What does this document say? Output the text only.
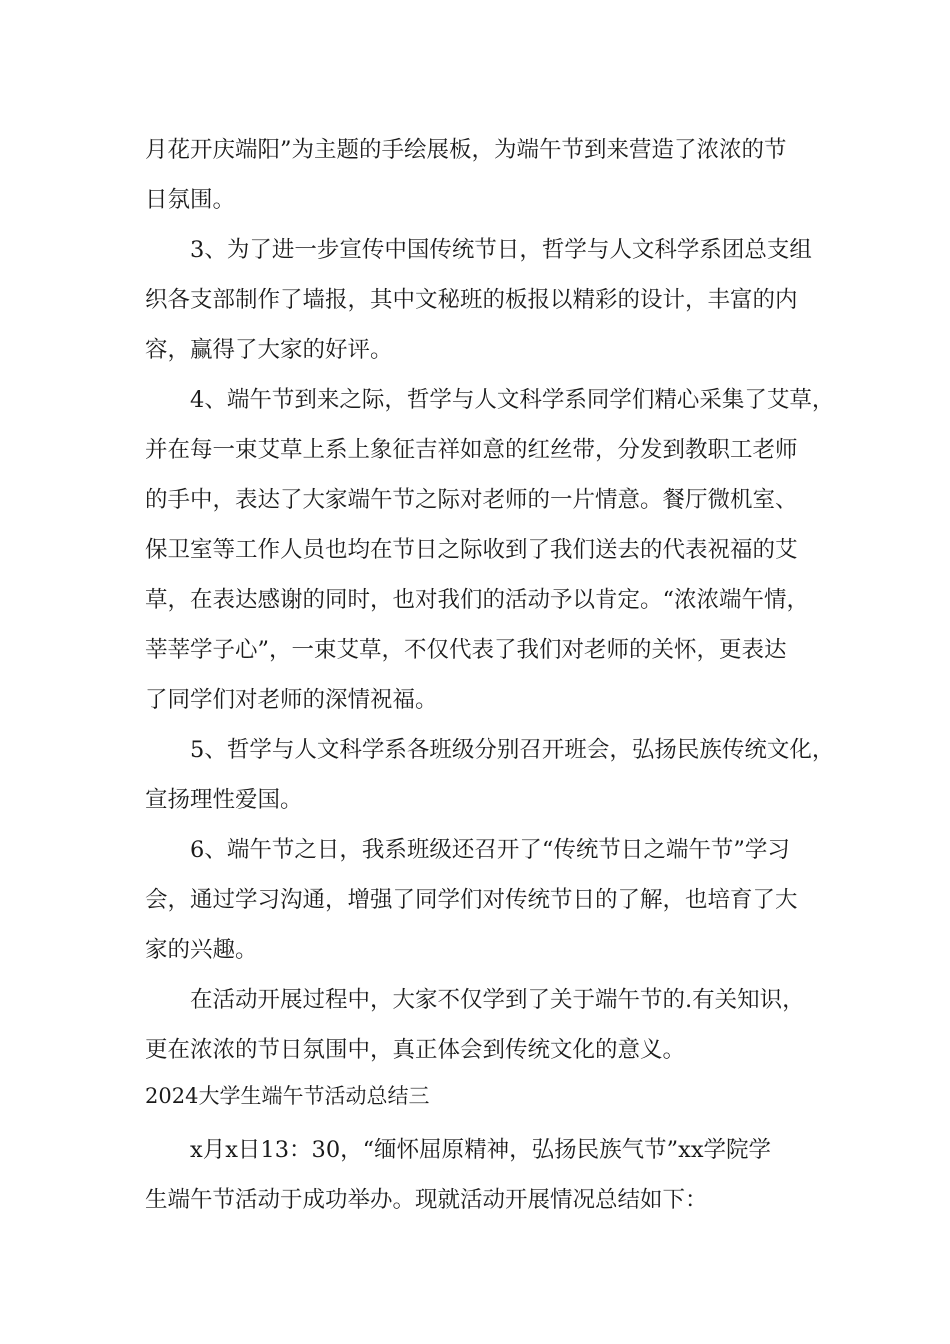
月花开庆端阳”为主题的手绘展板，为端午节到来营造了浓浓的节
日氛围。
3、为了进一步宣传中国传统节日，哲学与人文科学系团总支组
织各支部制作了墙报，其中文秘班的板报以精彩的设计，丰富的内
容，赢得了大家的好评。
4、端午节到来之际，哲学与人文科学系同学们精心采集了艾草，
并在每一束艾草上系上象征吉祥如意的红丝带，分发到教职工老师
的手中，表达了大家端午节之际对老师的一片情意。餐厅微机室、
保卫室等工作人员也均在节日之际收到了我们送去的代表祝福的艾
草，在表达感谢的同时，也对我们的活动予以肯定。“浓浓端午情，
莘莘学子心”，一束艾草，不仅代表了我们对老师的关怀，更表达
了同学们对老师的深情祝福。
5、哲学与人文科学系各班级分别召开班会，弘扬民族传统文化，
宣扬理性爱国。
6、端午节之日，我系班级还召开了“传统节日之端午节”学习
会，通过学习沟通，增强了同学们对传统节日的了解，也培育了大
家的兴趣。
在活动开展过程中，大家不仅学到了关于端午节的.有关知识，
更在浓浓的节日氛围中，真正体会到传统文化的意义。
2024大学生端午节活动总结三
x月x日13：30，“缅怀屈原精神，弘扬民族气节”xx学院学
生端午节活动于成功举办。现就活动开展情况总结如下：
